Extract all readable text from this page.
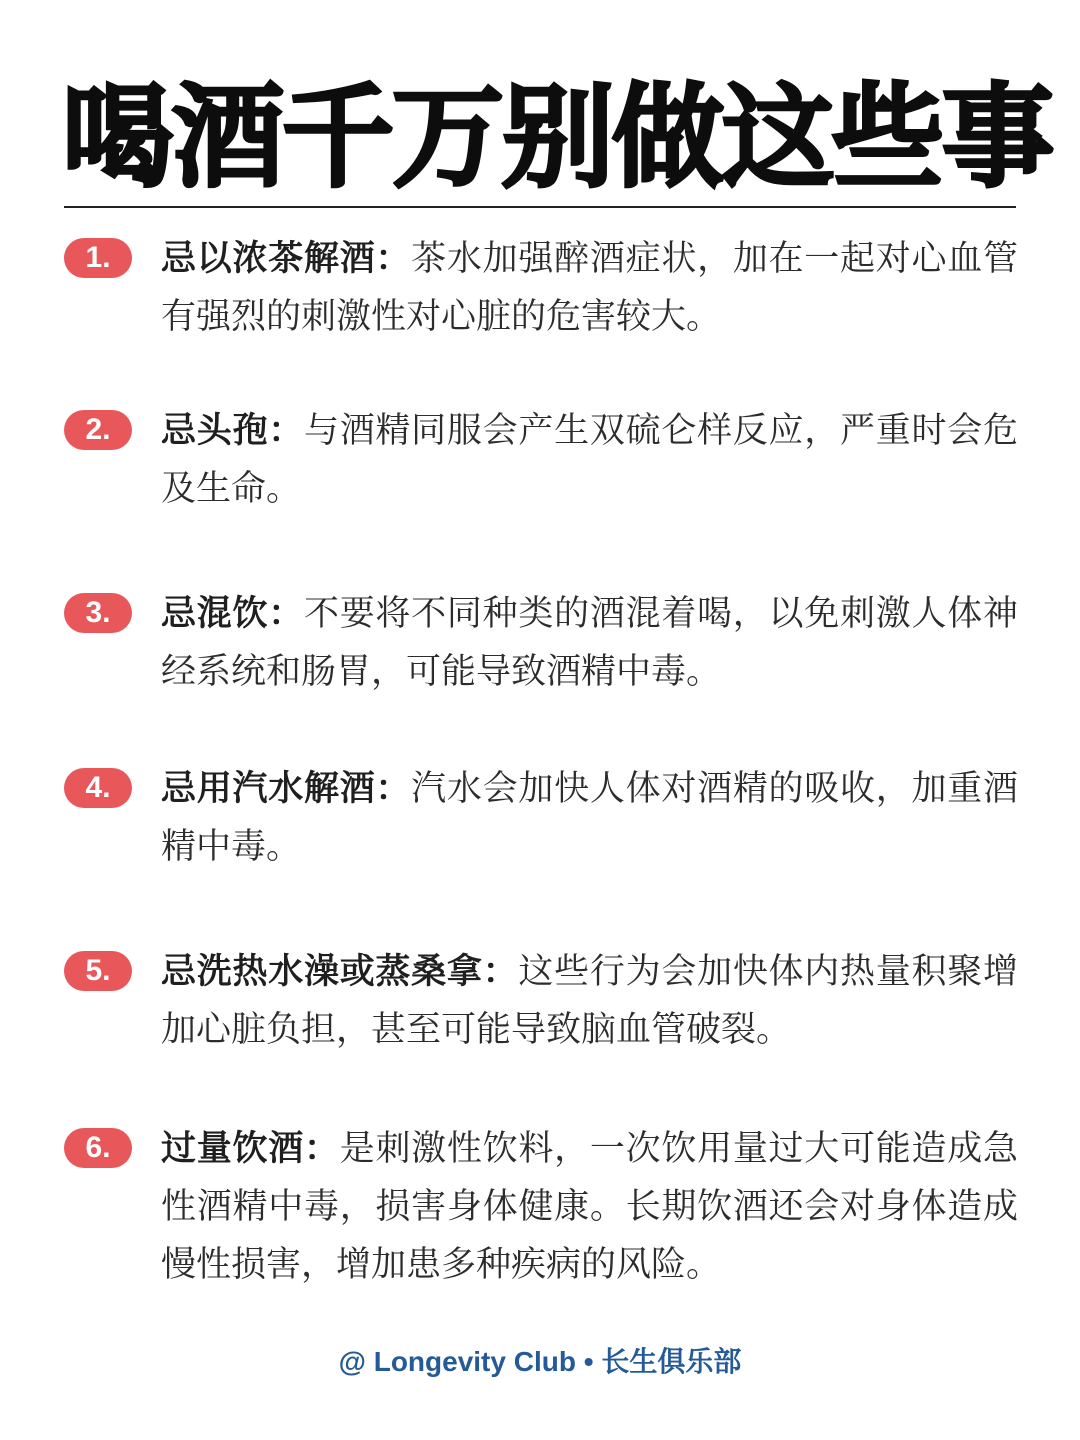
喝酒千万别做这些事
1.	忌以浓茶解酒：茶水加强醉酒症状，加在一起对心血管有强烈的刺激性对心脏的危害较大。
2.	忌头孢：与酒精同服会产生双硫仑样反应，严重时会危及生命。
3.	忌混饮：不要将不同种类的酒混着喝，以免刺激人体神经系统和肠胃，可能导致酒精中毒。
4.	忌用汽水解酒：汽水会加快人体对酒精的吸收，加重酒精中毒。
5.	忌洗热水澡或蒸桑拿：这些行为会加快体内热量积聚增加心脏负担，甚至可能导致脑血管破裂。
6.	过量饮酒：是刺激性饮料，一次饮用量过大可能造成急性酒精中毒，损害身体健康。长期饮酒还会对身体造成慢性损害，增加患多种疾病的风险。
@ Longevity Club • 长生俱乐部
